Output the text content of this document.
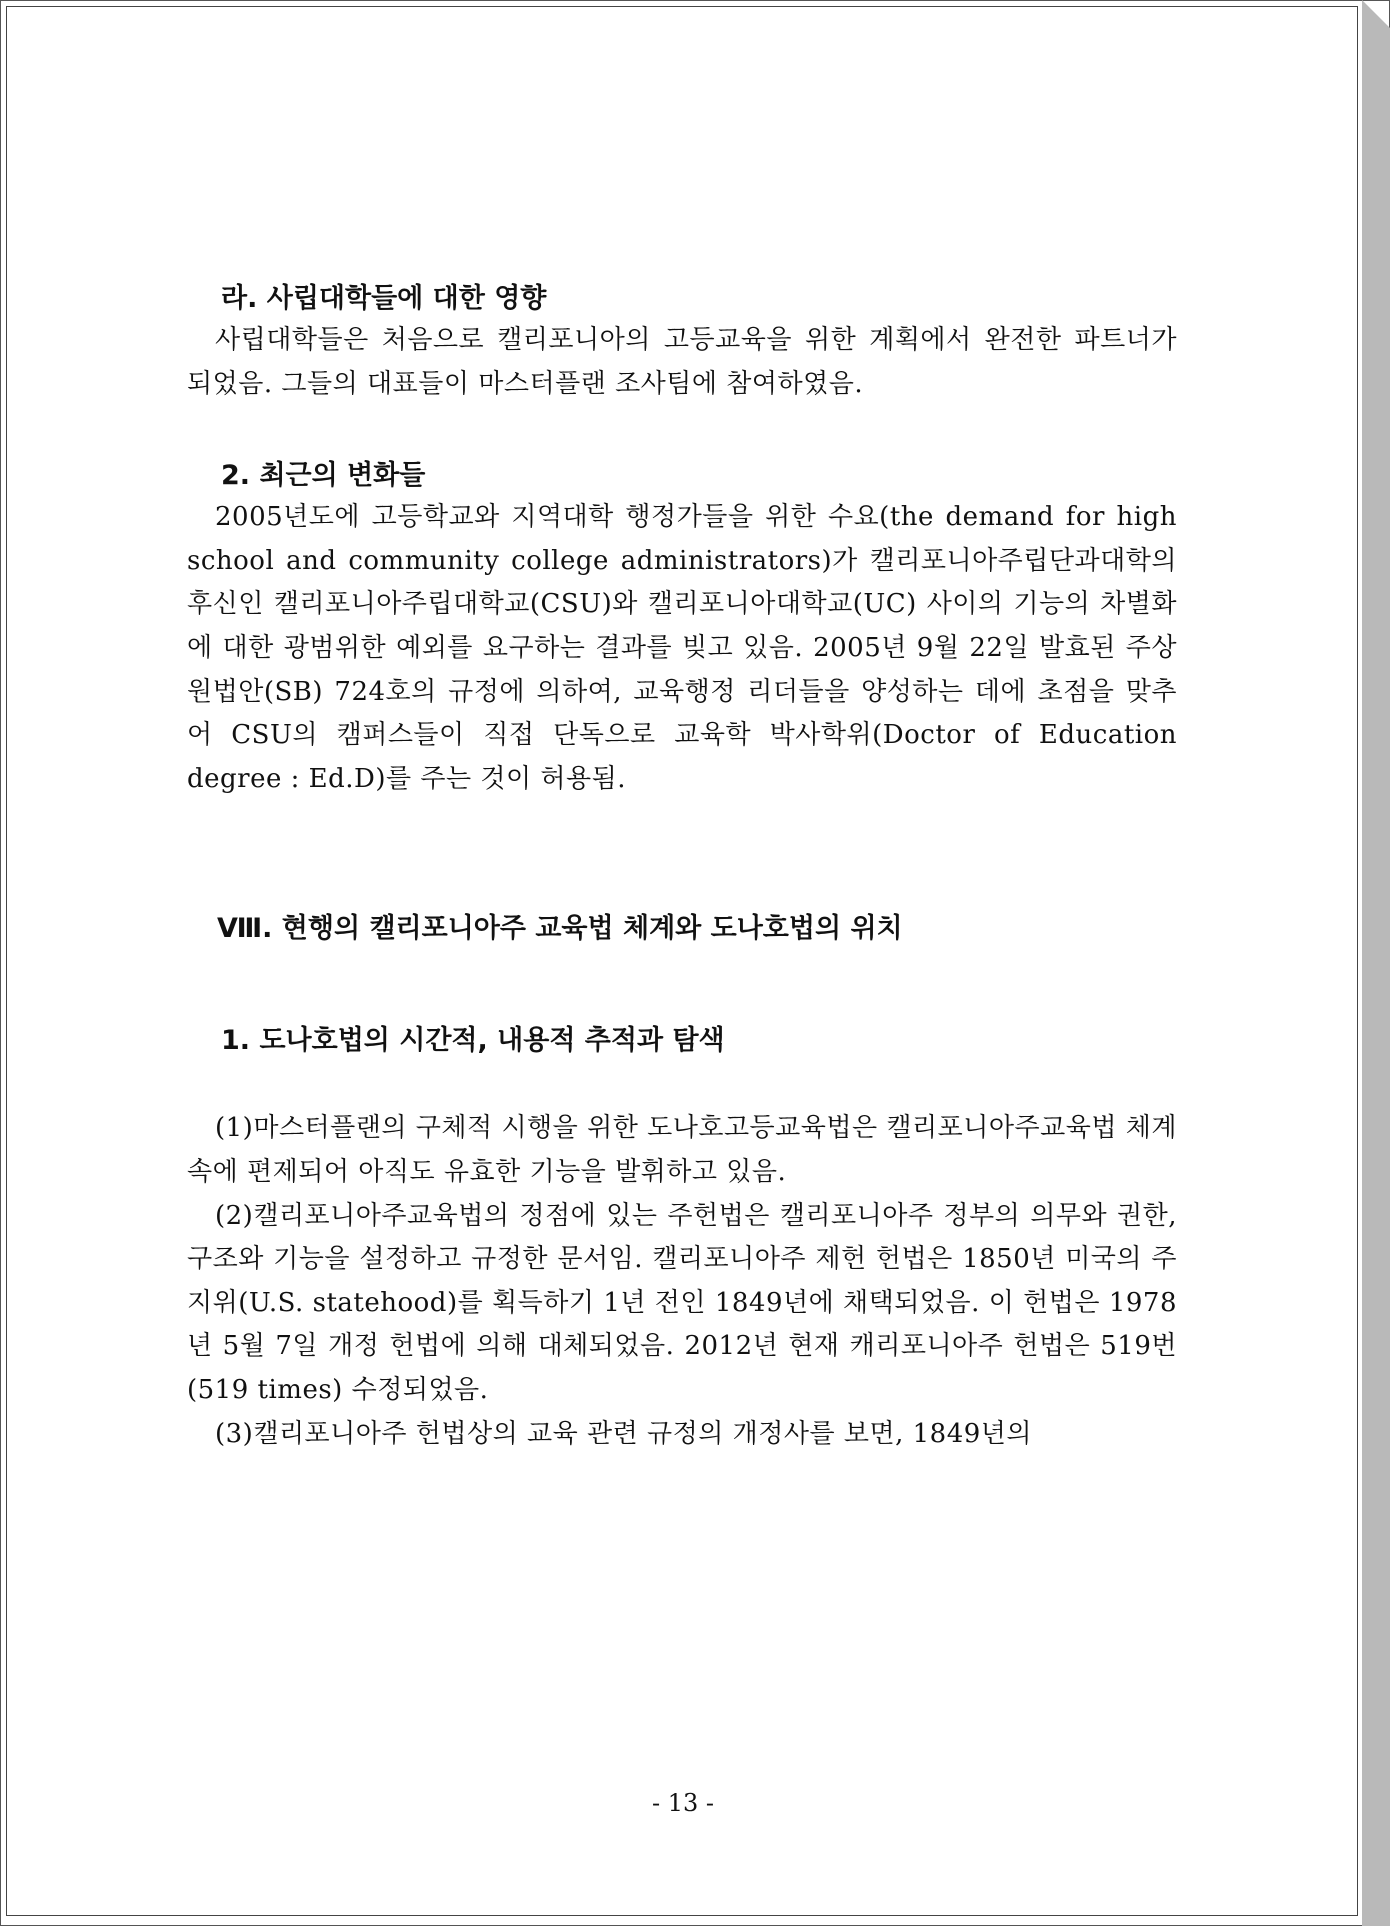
라. 사립대학들에 대한 영향

사립대학들은 처음으로 캘리포니아의 고등교육을 위한 계획에서 완전한 파트너가 되었음. 그들의 대표들이 마스터플랜 조사팀에 참여하였음.

2. 최근의 변화들

2005년도에 고등학교와 지역대학 행정가들을 위한 수요(the demand for high school and community college administrators)가 캘리포니아주립단과대학의 후신인 캘리포니아주립대학교(CSU)와 캘리포니아대학교(UC) 사이의 기능의 차별화에 대한 광범위한 예외를 요구하는 결과를 빚고 있음. 2005년 9월 22일 발효된 주상원법안(SB) 724호의 규정에 의하여, 교육행정 리더들을 양성하는 데에 초점을 맞추어 CSU의 캠퍼스들이 직접 단독으로 교육학 박사학위(Doctor of Education degree : Ed.D)를 주는 것이 허용됨.

Ⅷ. 현행의 캘리포니아주 교육법 체계와 도나호법의 위치
1. 도나호법의 시간적, 내용적 추적과 탐색

(1)마스터플랜의 구체적 시행을 위한 도나호고등교육법은 캘리포니아주교육법 체계 속에 편제되어 아직도 유효한 기능을 발휘하고 있음.

(2)캘리포니아주교육법의 정점에 있는 주헌법은 캘리포니아주 정부의 의무와 권한, 구조와 기능을 설정하고 규정한 문서임. 캘리포니아주 제헌 헌법은 1850년 미국의 주 지위(U.S. statehood)를 획득하기 1년 전인 1849년에 채택되었음. 이 헌법은 1978년 5월 7일 개정 헌법에 의해 대체되었음. 2012년 현재 캐리포니아주 헌법은 519번(519 times) 수정되었음.

(3)캘리포니아주 헌법상의 교육 관련 규정의 개정사를 보면, 1849년의

- 13 -
